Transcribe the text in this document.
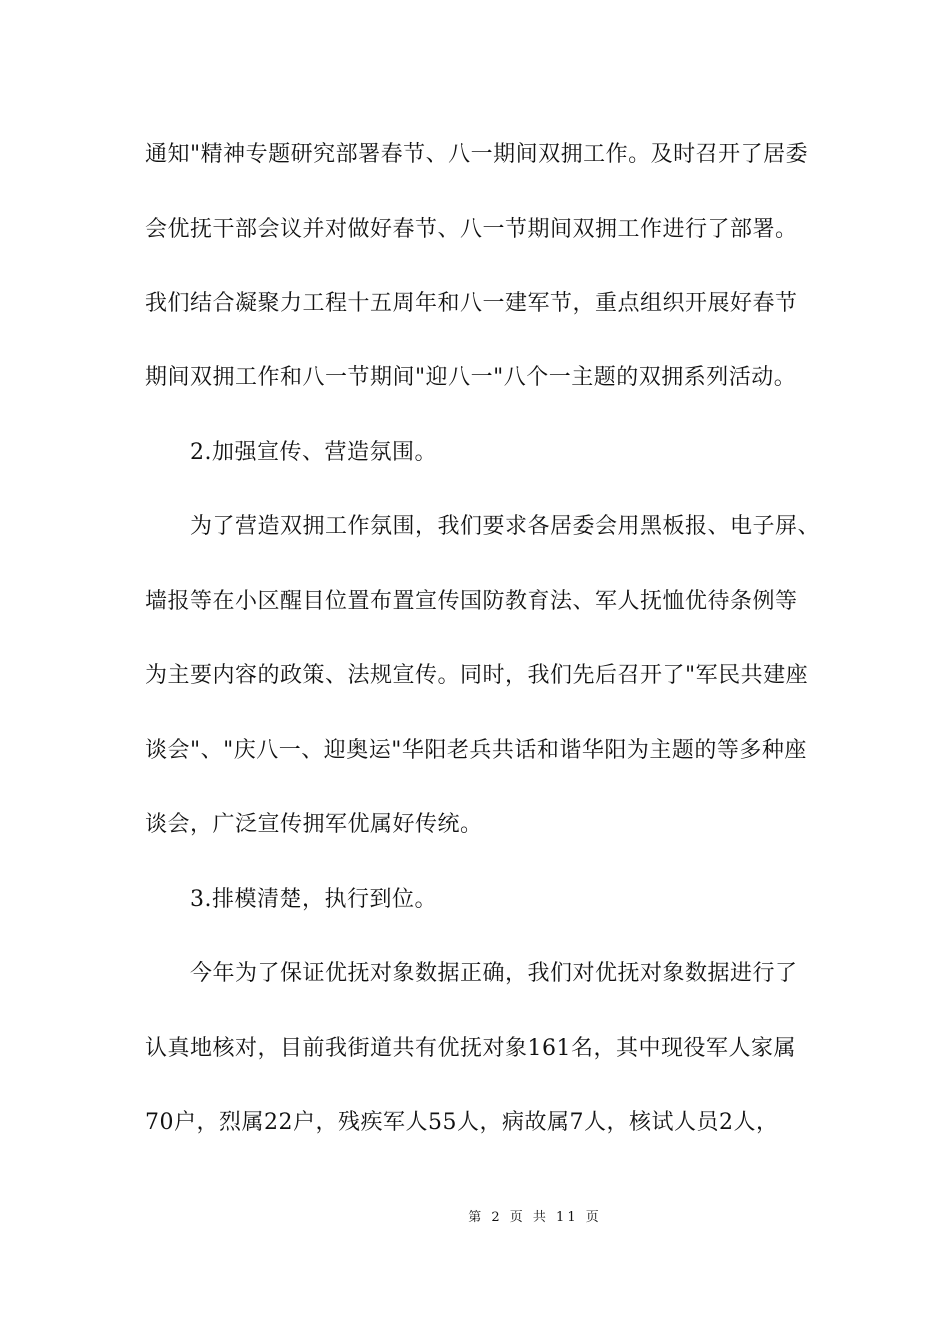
通知"精神专题研究部署春节、八一期间双拥工作。及时召开了居委
会优抚干部会议并对做好春节、八一节期间双拥工作进行了部署。
我们结合凝聚力工程十五周年和八一建军节，重点组织开展好春节
期间双拥工作和八一节期间"迎八一"八个一主题的双拥系列活动。
2.加强宣传、营造氛围。
为了营造双拥工作氛围，我们要求各居委会用黑板报、电子屏、
墙报等在小区醒目位置布置宣传国防教育法、军人抚恤优待条例等
为主要内容的政策、法规宣传。同时，我们先后召开了"军民共建座
谈会"、"庆八一、迎奥运"华阳老兵共话和谐华阳为主题的等多种座
谈会，广泛宣传拥军优属好传统。
3.排模清楚，执行到位。
今年为了保证优抚对象数据正确，我们对优抚对象数据进行了
认真地核对，目前我街道共有优抚对象161名，其中现役军人家属
70户，烈属22户，残疾军人55人，病故属7人，核试人员2人，
第 2 页 共 11 页
